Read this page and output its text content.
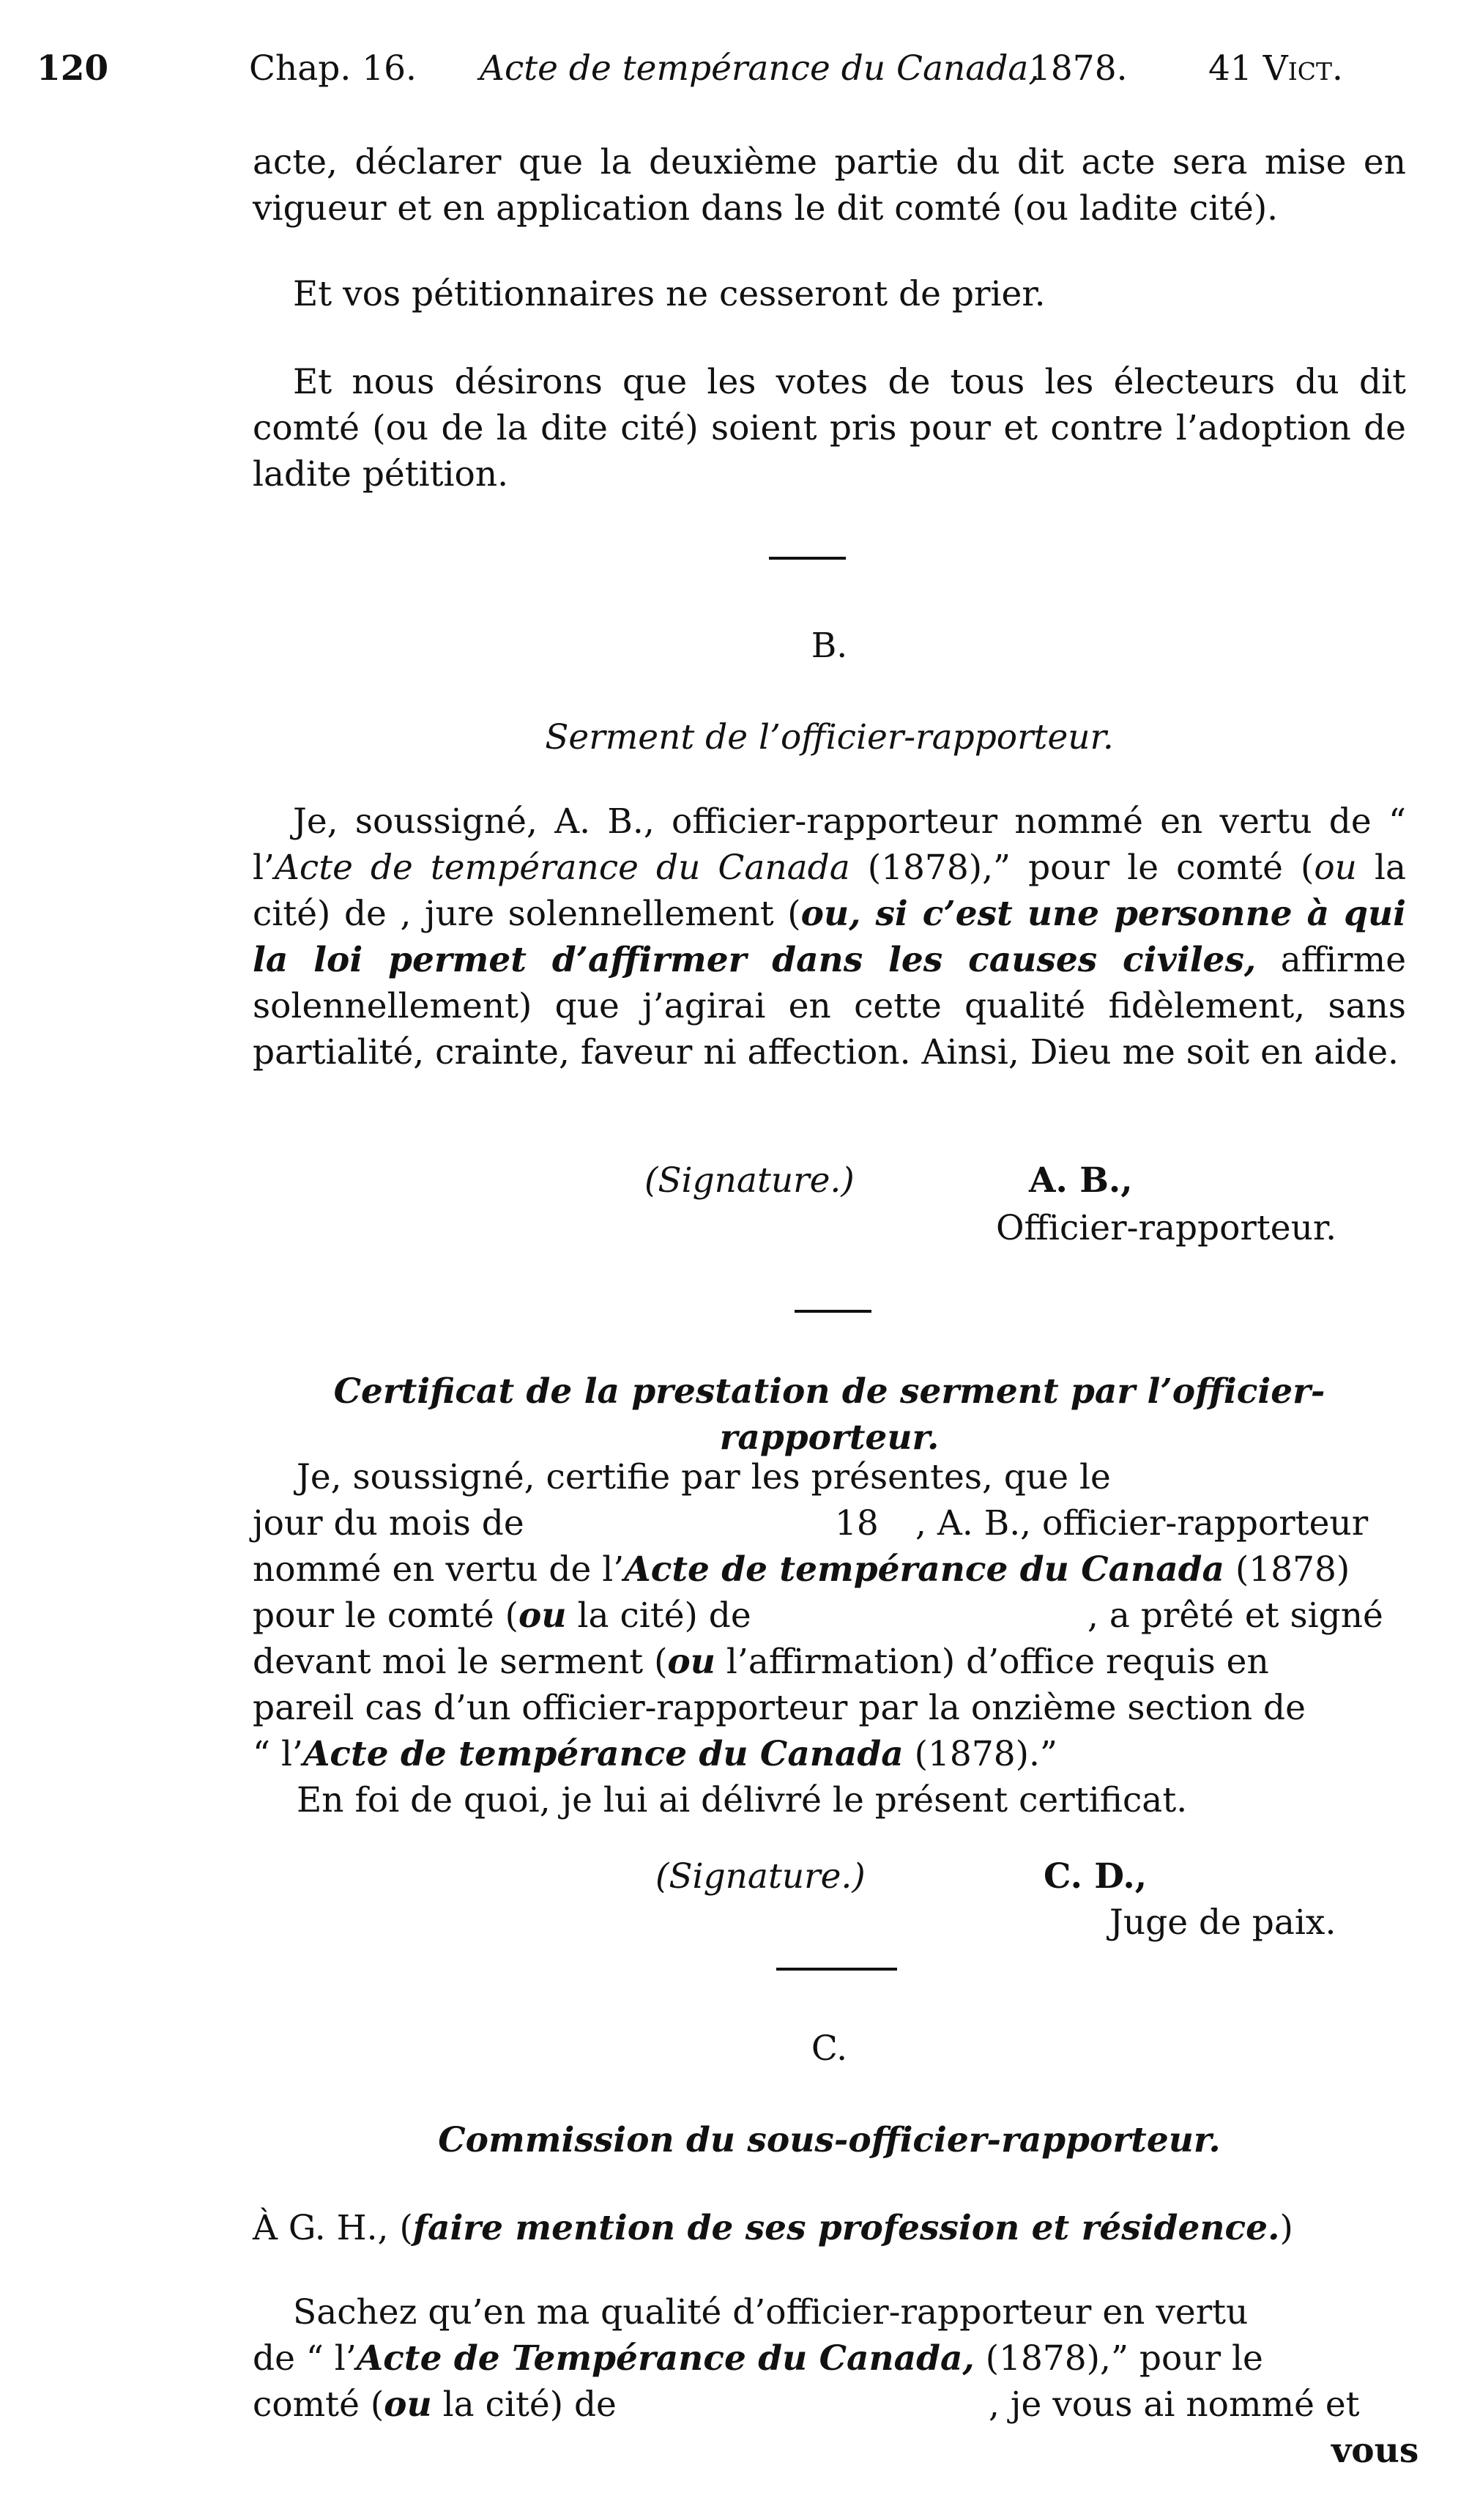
120	Chap. 16. Acte de tempérance du Canada,
1878. 41 Vict.

acte, déclarer que la deuxième partie du dit acte sera mise en vigueur et en application dans le dit comté (ou ladite cité).

Et vos pétitionnaires ne cesseront de prier.

Et nous désirons que les votes de tous les électeurs du dit comté (ou de la dite cité) soient pris pour et contre l’adoption de ladite pétition.

B.

Serment de l’officier-rapporteur.

Je, soussigné, A. B., officier-rapporteur nommé en vertu de “ l’Acte de tempérance du Canada (1878),” pour le comté (ou la cité) de , jure solennellement (ou, si c’est une personne à qui la loi permet d’affirmer dans les causes civiles, affirme solennellement) que j’agirai en cette qualité fidèlement, sans partialité, crainte, faveur ni affection. Ainsi, Dieu me soit en aide.

(Signature.)	A. B.,

Officier-rapporteur.

Certificat de la prestation de serment par l’officier-rapporteur.

Je, soussigné, certifie par les présentes, que le

jour du mois de	18 , A. B., officier-rapporteur

nommé en vertu de l’Acte de tempérance du Canada (1878)

pour le comté (ou la cité) de	, a prêté et signé

devant moi le serment (ou l’affirmation) d’office requis en

pareil cas d’un officier-rapporteur par la onzième section de

“ l’Acte de tempérance du Canada (1878).”

En foi de quoi, je lui ai délivré le présent certificat.

(Signature.)	C. D.,

Juge de paix.

C.

Commission du sous-officier-rapporteur.

À G. H., (faire mention de ses profession et résidence.)

Sachez qu’en ma qualité d’officier-rapporteur en vertu

de “ l’Acte de Tempérance du Canada, (1878),” pour le

comté (ou la cité) de	, je vous ai nommé et

vous
